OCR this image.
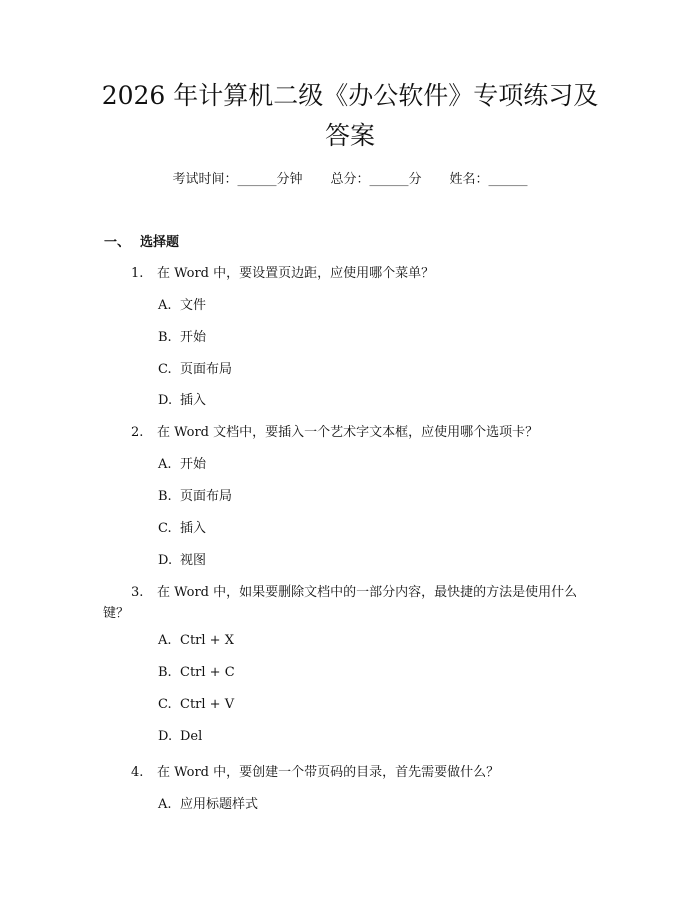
2026 年计算机二级《办公软件》专项练习及
答案
考试时间：______分钟 总分：______分 姓名：______
一、 选择题
1. 在 Word 中，要设置页边距，应使用哪个菜单？
A. 文件
B. 开始
C. 页面布局
D. 插入
2. 在 Word 文档中，要插入一个艺术字文本框，应使用哪个选项卡？
A. 开始
B. 页面布局
C. 插入
D. 视图
3. 在 Word 中，如果要删除文档中的一部分内容，最快捷的方法是使用什么
键？
A. Ctrl + X
B. Ctrl + C
C. Ctrl + V
D. Del
4. 在 Word 中，要创建一个带页码的目录，首先需要做什么？
A. 应用标题样式
